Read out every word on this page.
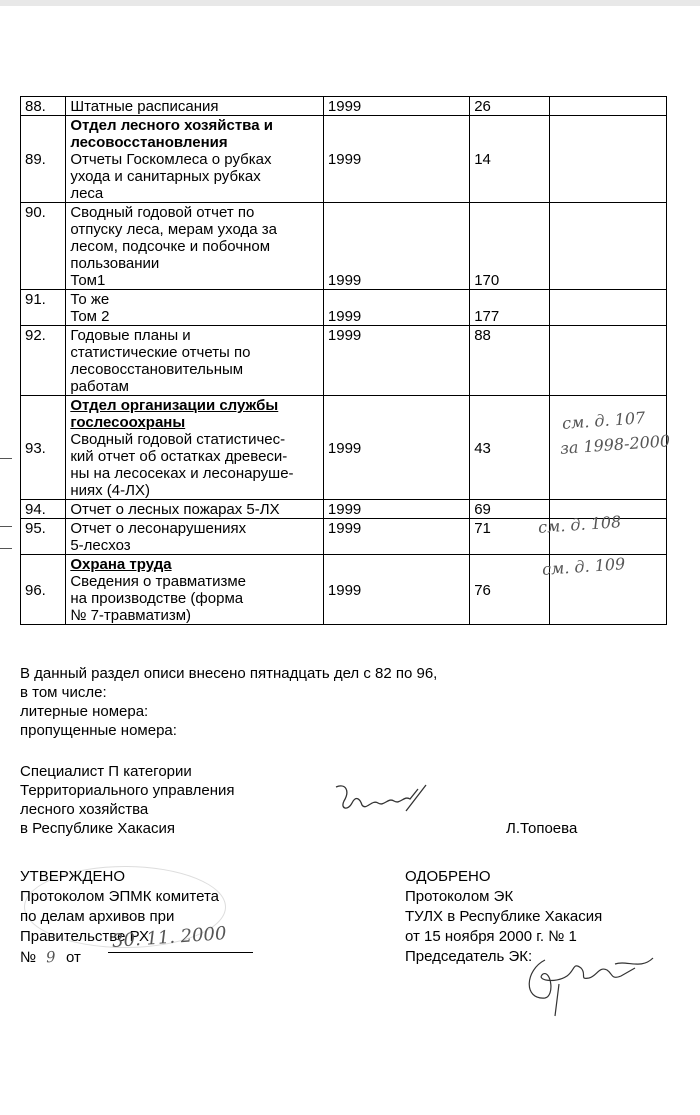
88.	Штатные расписания	1999	26	
89.	Отдел лесного хозяйства и лесовосстановления
Отчеты Госкомлеса о рубках
ухода и санитарных рубках
леса	1999	14	
90.	Сводный годовой отчет по
отпуску леса, мерам ухода за
лесом, подсочке и побочном
пользовании
Том1	1999	170	
91.	То же
Том 2	1999	177	
92.	Годовые планы и
статистические отчеты по
лесовосстановительным
работам	1999	88	
93.	Отдел организации службы гослесоохраны
Сводный годовой статистичес-
кий отчет об остатках древеси-
ны на лесосеках и лесонаруше-
ниях (4-ЛХ)	1999	43	
94.	Отчет о лесных пожарах 5-ЛХ	1999	69	
95.	Отчет о лесонарушениях
5-лесхоз	1999	71	
96.	Охрана труда
Сведения о травматизме
на производстве (форма
№ 7-травматизм)	1999	76	
см. д. 107
за 1998-2000
см. д. 108
см. д. 109
В данный раздел описи внесено пятнадцать дел с 82 по 96,
в том числе:
литерные номера:
пропущенные номера:
Специалист П категории
Территориального управления
лесного хозяйства
в Республике Хакасия	Л.Топоева
УТВЕРЖДЕНО
Протоколом ЭПМК комитета
по делам архивов при
Правительстве РХ
№ 9 от
30. 11. 2000
ОДОБРЕНО
Протоколом ЭК
ТУЛХ в Республике Хакасия
от 15 ноября 2000 г. № 1
Председатель ЭК:
